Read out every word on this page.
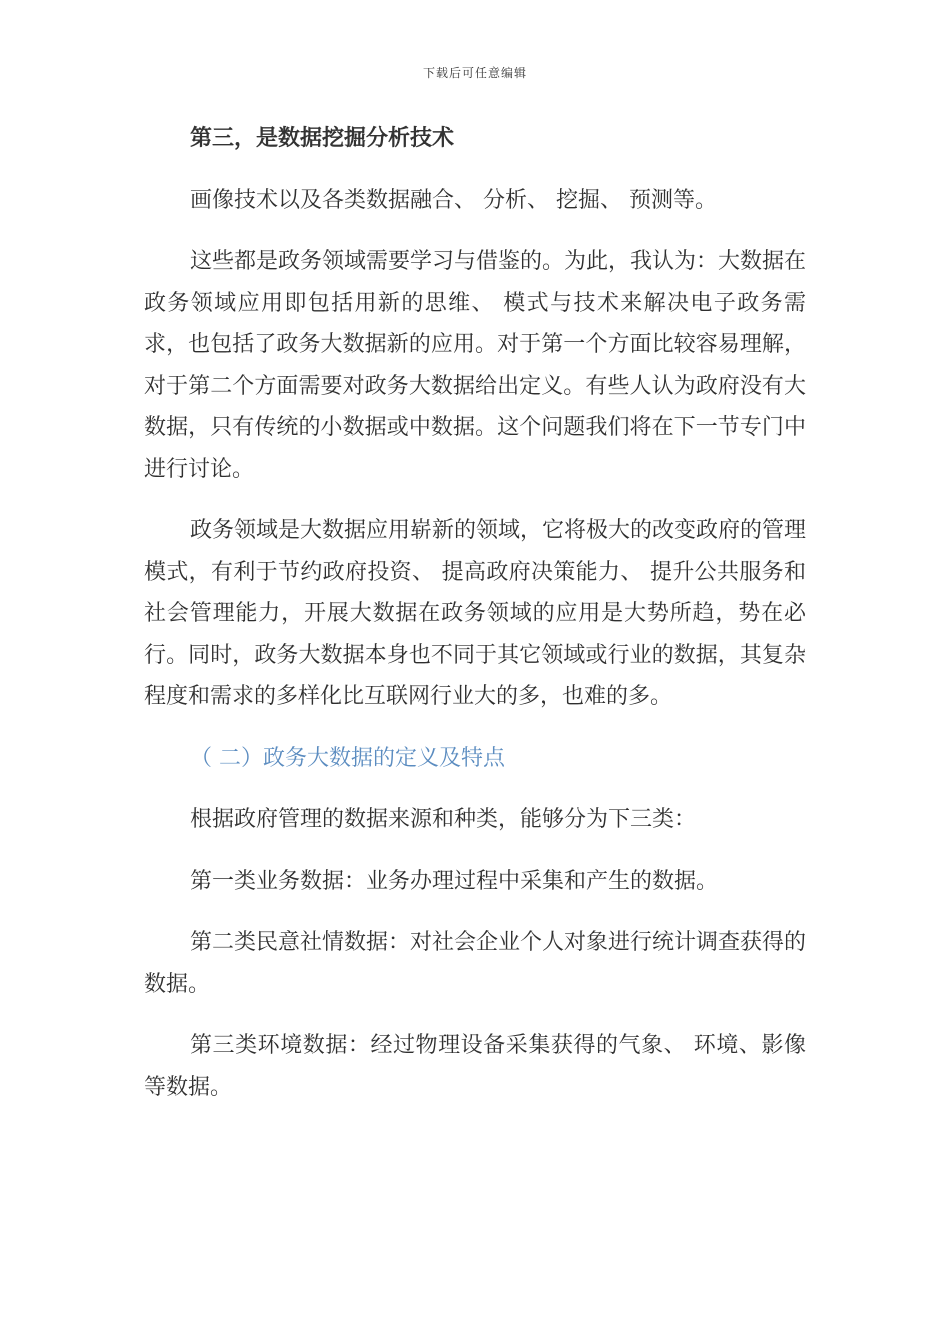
下载后可任意编辑

第三，是数据挖掘分析技术

画像技术以及各类数据融合、 分析、 挖掘、 预测等。

这些都是政务领域需要学习与借鉴的。为此，我认为：大数据在政务领域应用即包括用新的思维、 模式与技术来解决电子政务需求，也包括了政务大数据新的应用。对于第一个方面比较容易理解，对于第二个方面需要对政务大数据给出定义。有些人认为政府没有大数据，只有传统的小数据或中数据。这个问题我们将在下一节专门中进行讨论。

政务领域是大数据应用崭新的领域，它将极大的改变政府的管理模式，有利于节约政府投资、 提高政府决策能力、 提升公共服务和社会管理能力，开展大数据在政务领域的应用是大势所趋，势在必行。同时，政务大数据本身也不同于其它领域或行业的数据，其复杂程度和需求的多样化比互联网行业大的多，也难的多。

（ 二）政务大数据的定义及特点

根据政府管理的数据来源和种类，能够分为下三类：

第一类业务数据：业务办理过程中采集和产生的数据。

第二类民意社情数据：对社会企业个人对象进行统计调查获得的数据。

第三类环境数据：经过物理设备采集获得的气象、 环境、影像等数据。
